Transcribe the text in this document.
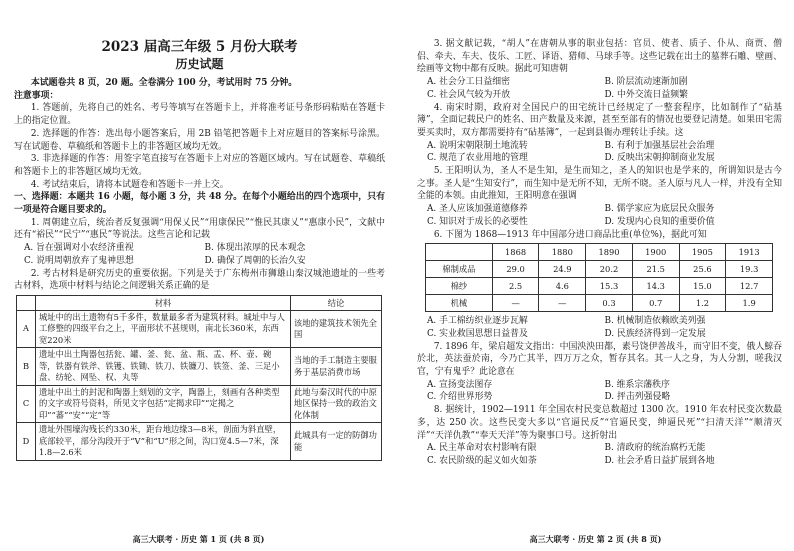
2023 届高三年级 5 月份大联考
历史试题

本试题卷共 8 页，20 题。全卷满分 100 分，考试用时 75 分钟。

注意事项：

1. 答题前，先将自己的姓名、考号等填写在答题卡上，并将准考证号条形码粘贴在答题卡上的指定位置。

2. 选择题的作答：选出每小题答案后，用 2B 铅笔把答题卡上对应题目的答案标号涂黑。写在试题卷、草稿纸和答题卡上的非答题区域均无效。

3. 非选择题的作答：用签字笔直接写在答题卡上对应的答题区域内。写在试题卷、草稿纸和答题卡上的非答题区域均无效。

4. 考试结束后，请将本试题卷和答题卡一并上交。

一、选择题：本题共 16 小题，每小题 3 分，共 48 分。在每个小题给出的四个选项中，只有一项是符合题目要求的。

1. 周朝建立后，统治者反复强调“用保乂民”“用康保民”“惟民其康乂”“惠康小民”，文献中还有“裕民”“民宁”“惠民”等说法。这些言论和记载

A. 旨在强调对小农经济重视	B. 体现出浓厚的民本观念
C. 说明周朝放弃了鬼神思想	D. 确保了周朝的长治久安

2. 考古材料是研究历史的重要依据。下列是关于广东梅州市狮雄山秦汉城池遗址的一些考古材料，选项中材料与结论之间逻辑关系正确的是

	材料	结论
A	城址中的出土遗物有5千多件，数量最多者为建筑材料。城址中与人工修整的四级平台之上，平面形状不甚规则，南北长360米，东西宽220米	该地的建筑技术领先全国
B	遗址中出土陶器包括瓮、罐、釜、瓮、盆、瓶、盂、杯、壶、碗等，铁器有铁斧、铁镬、铁锄、铁刀、铁镰刀、铁签、釜、三足小盘、纺轮、网坠、权、丸等	当地的手工制造主要服务于基层消费市场
C	遗址中出土的封泥和陶器上刻划的文字，陶器上，刻画有各种类型的文字或符号资料，所见文字包括“定揭求印”“定揭之印”“蕃”“安”“定”等	此地与秦汉时代的中原地区保持一致的政治文化体制
D	遗址外围壕沟残长约330米，距台地边缘3—8米，剖面为斜直壁，底部较平，部分沟段开于“V”和“U”形之间，沟口宽4.5—7米，深1.8—2.6米	此城具有一定的防御功能
高三大联考 · 历史 第 1 页 (共 8 页)

3. 据文献记载，“胡人”在唐朝从事的职业包括：官员、使者、质子、仆从、商贾、僧侣、牵夫、车夫、伎乐、工匠、译语、猎师、马球手等。这些记载在出土的墓葬石雕、壁画、绘画等文物中都有反映。据此可知唐朝

A. 社会分工日益细密	B. 阶层流动速渐加剧
C. 社会风气较为开放	D. 中外交流日益频繁

4. 南宋时期，政府对全国民户的田宅统计已经规定了一整套程序，比如制作了“砧基簿”，全面记载民户的姓名、田产数量及来源，甚至至部有的情况也要登记清楚。如果田宅需要买卖时，双方都需要持有“砧基簿”，一起到县衙办理转让手续。这

A. 说明宋朝限制土地流转	B. 有利于加强基层社会治理
C. 规范了农业用地的管理	D. 反映出宋朝抑制商业发展

5. 王阳明认为，圣人不是生知，是生而知之，圣人的知识也是学来的，所谓知识是古今之事。圣人是“生知安行”，而生知中是无所不知，无所不晓。圣人原与凡人一样，并没有全知全能的本领。由此推知，王阳明意在强调

A. 圣人应该加强道德修养	B. 儒学家应为底层民众服务
C. 知识对于成长的必要性	D. 发现内心良知的重要价值

6. 下图为 1868—1913 年中国部分进口商品比重(单位%)，据此可知

	1868	1880	1890	1900	1905	1913
棉制成品	29.0	24.9	20.2	21.5	25.6	19.3
棉纱	2.5	4.6	15.3	14.3	15.0	12.7
机械	—	—	0.3	0.7	1.2	1.9
A. 手工棉纺织业逐步瓦解	B. 机械制造依赖欧美列强
C. 实业救国思想日益普及	D. 民族经济得到一定发展

7. 1896 年，梁启超发文指出：中国泱泱田都，素号饶伊善战斗，而守旧不变，俄人鯨吞於北，英法蚕於南，今乃亡其半，四万万之众，暂存其名。其一人之身，为人分割，嗟我汉官，宁有鬼乎？此论意在

A. 宣扬变法图存	B. 维系宗藩秩序
C. 介绍世界形势	D. 抨击列强侵略

8. 据统计，1902—1911 年全国农村民变总数超过 1300 次。1910 年农村民变次数最多，达 250 次。这些民变大多以“官逼民反”“官逼民变，绅逼民死”“扫清天洋”“顺清灭洋”“天洋仇教”“奉天天洋”等为聚事口号。这折射出

A. 民主革命对农村影响有限	B. 清政府的统治腐朽无能
C. 农民阶级的起义如火如荼	D. 社会矛盾日益扩展到各地
高三大联考 · 历史 第 2 页 (共 8 页)
